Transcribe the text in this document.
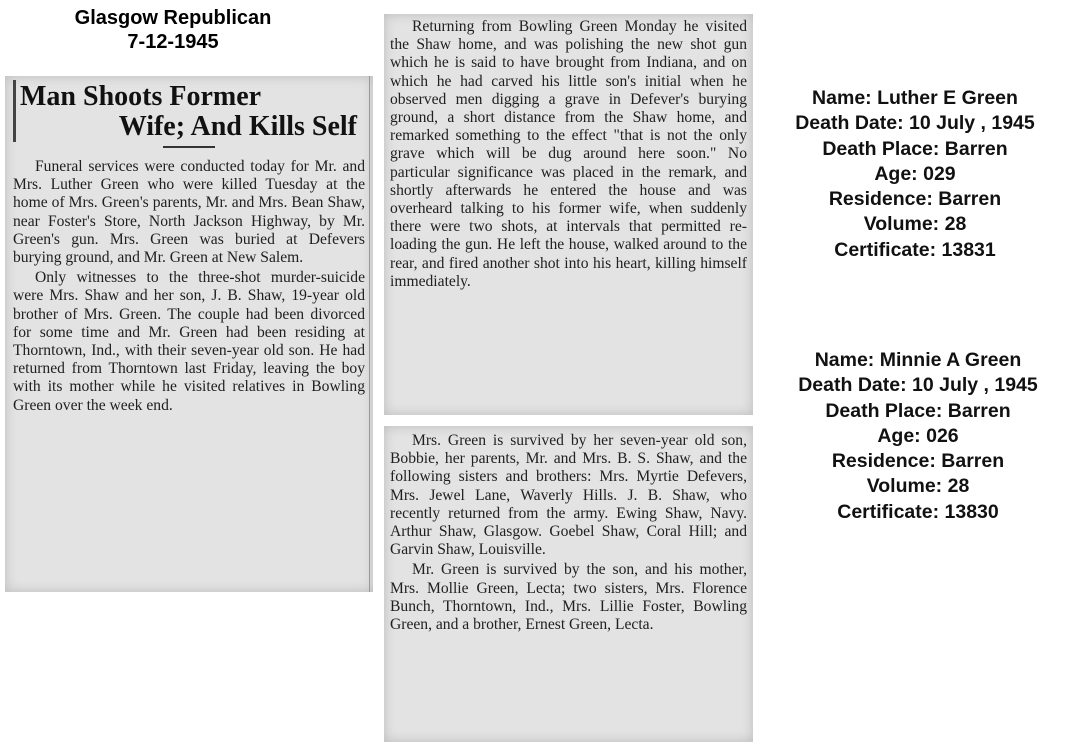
Glasgow Republican
7-12-1945
Man Shoots Former
Wife; And Kills Self

Funeral services were conducted today for Mr. and Mrs. Luther Green who were killed Tuesday at the home of Mrs. Green's parents, Mr. and Mrs. Bean Shaw, near Foster's Store, North Jackson Highway, by Mr. Green's gun. Mrs. Green was buried at Defevers burying ground, and Mr. Green at New Salem.

Only witnesses to the three-shot murder-suicide were Mrs. Shaw and her son, J. B. Shaw, 19-year old brother of Mrs. Green. The couple had been divorced for some time and Mr. Green had been residing at Thorntown, Ind., with their seven-year old son. He had returned from Thorntown last Friday, leaving the boy with its mother while he visited relatives in Bowling Green over the week end.

Returning from Bowling Green Monday he visited the Shaw home, and was polishing the new shot gun which he is said to have brought from Indiana, and on which he had carved his little son's initial when he observed men digging a grave in Defever's burying ground, a short distance from the Shaw home, and remarked something to the effect "that is not the only grave which will be dug around here soon." No particular significance was placed in the remark, and shortly afterwards he entered the house and was overheard talking to his former wife, when suddenly there were two shots, at intervals that permitted re-loading the gun. He left the house, walked around to the rear, and fired another shot into his heart, killing himself immediately.

Mrs. Green is survived by her seven-year old son, Bobbie, her parents, Mr. and Mrs. B. S. Shaw, and the following sisters and brothers: Mrs. Myrtie Defevers, Mrs. Jewel Lane, Waverly Hills. J. B. Shaw, who recently returned from the army. Ewing Shaw, Navy. Arthur Shaw, Glasgow. Goebel Shaw, Coral Hill; and Garvin Shaw, Louisville.

Mr. Green is survived by the son, and his mother, Mrs. Mollie Green, Lecta; two sisters, Mrs. Florence Bunch, Thorntown, Ind., Mrs. Lillie Foster, Bowling Green, and a brother, Ernest Green, Lecta.

Name: Luther E Green
Death Date: 10 July , 1945
Death Place: Barren
Age: 029
Residence: Barren
Volume: 28
Certificate: 13831
Name: Minnie A Green
Death Date: 10 July , 1945
Death Place: Barren
Age: 026
Residence: Barren
Volume: 28
Certificate: 13830
